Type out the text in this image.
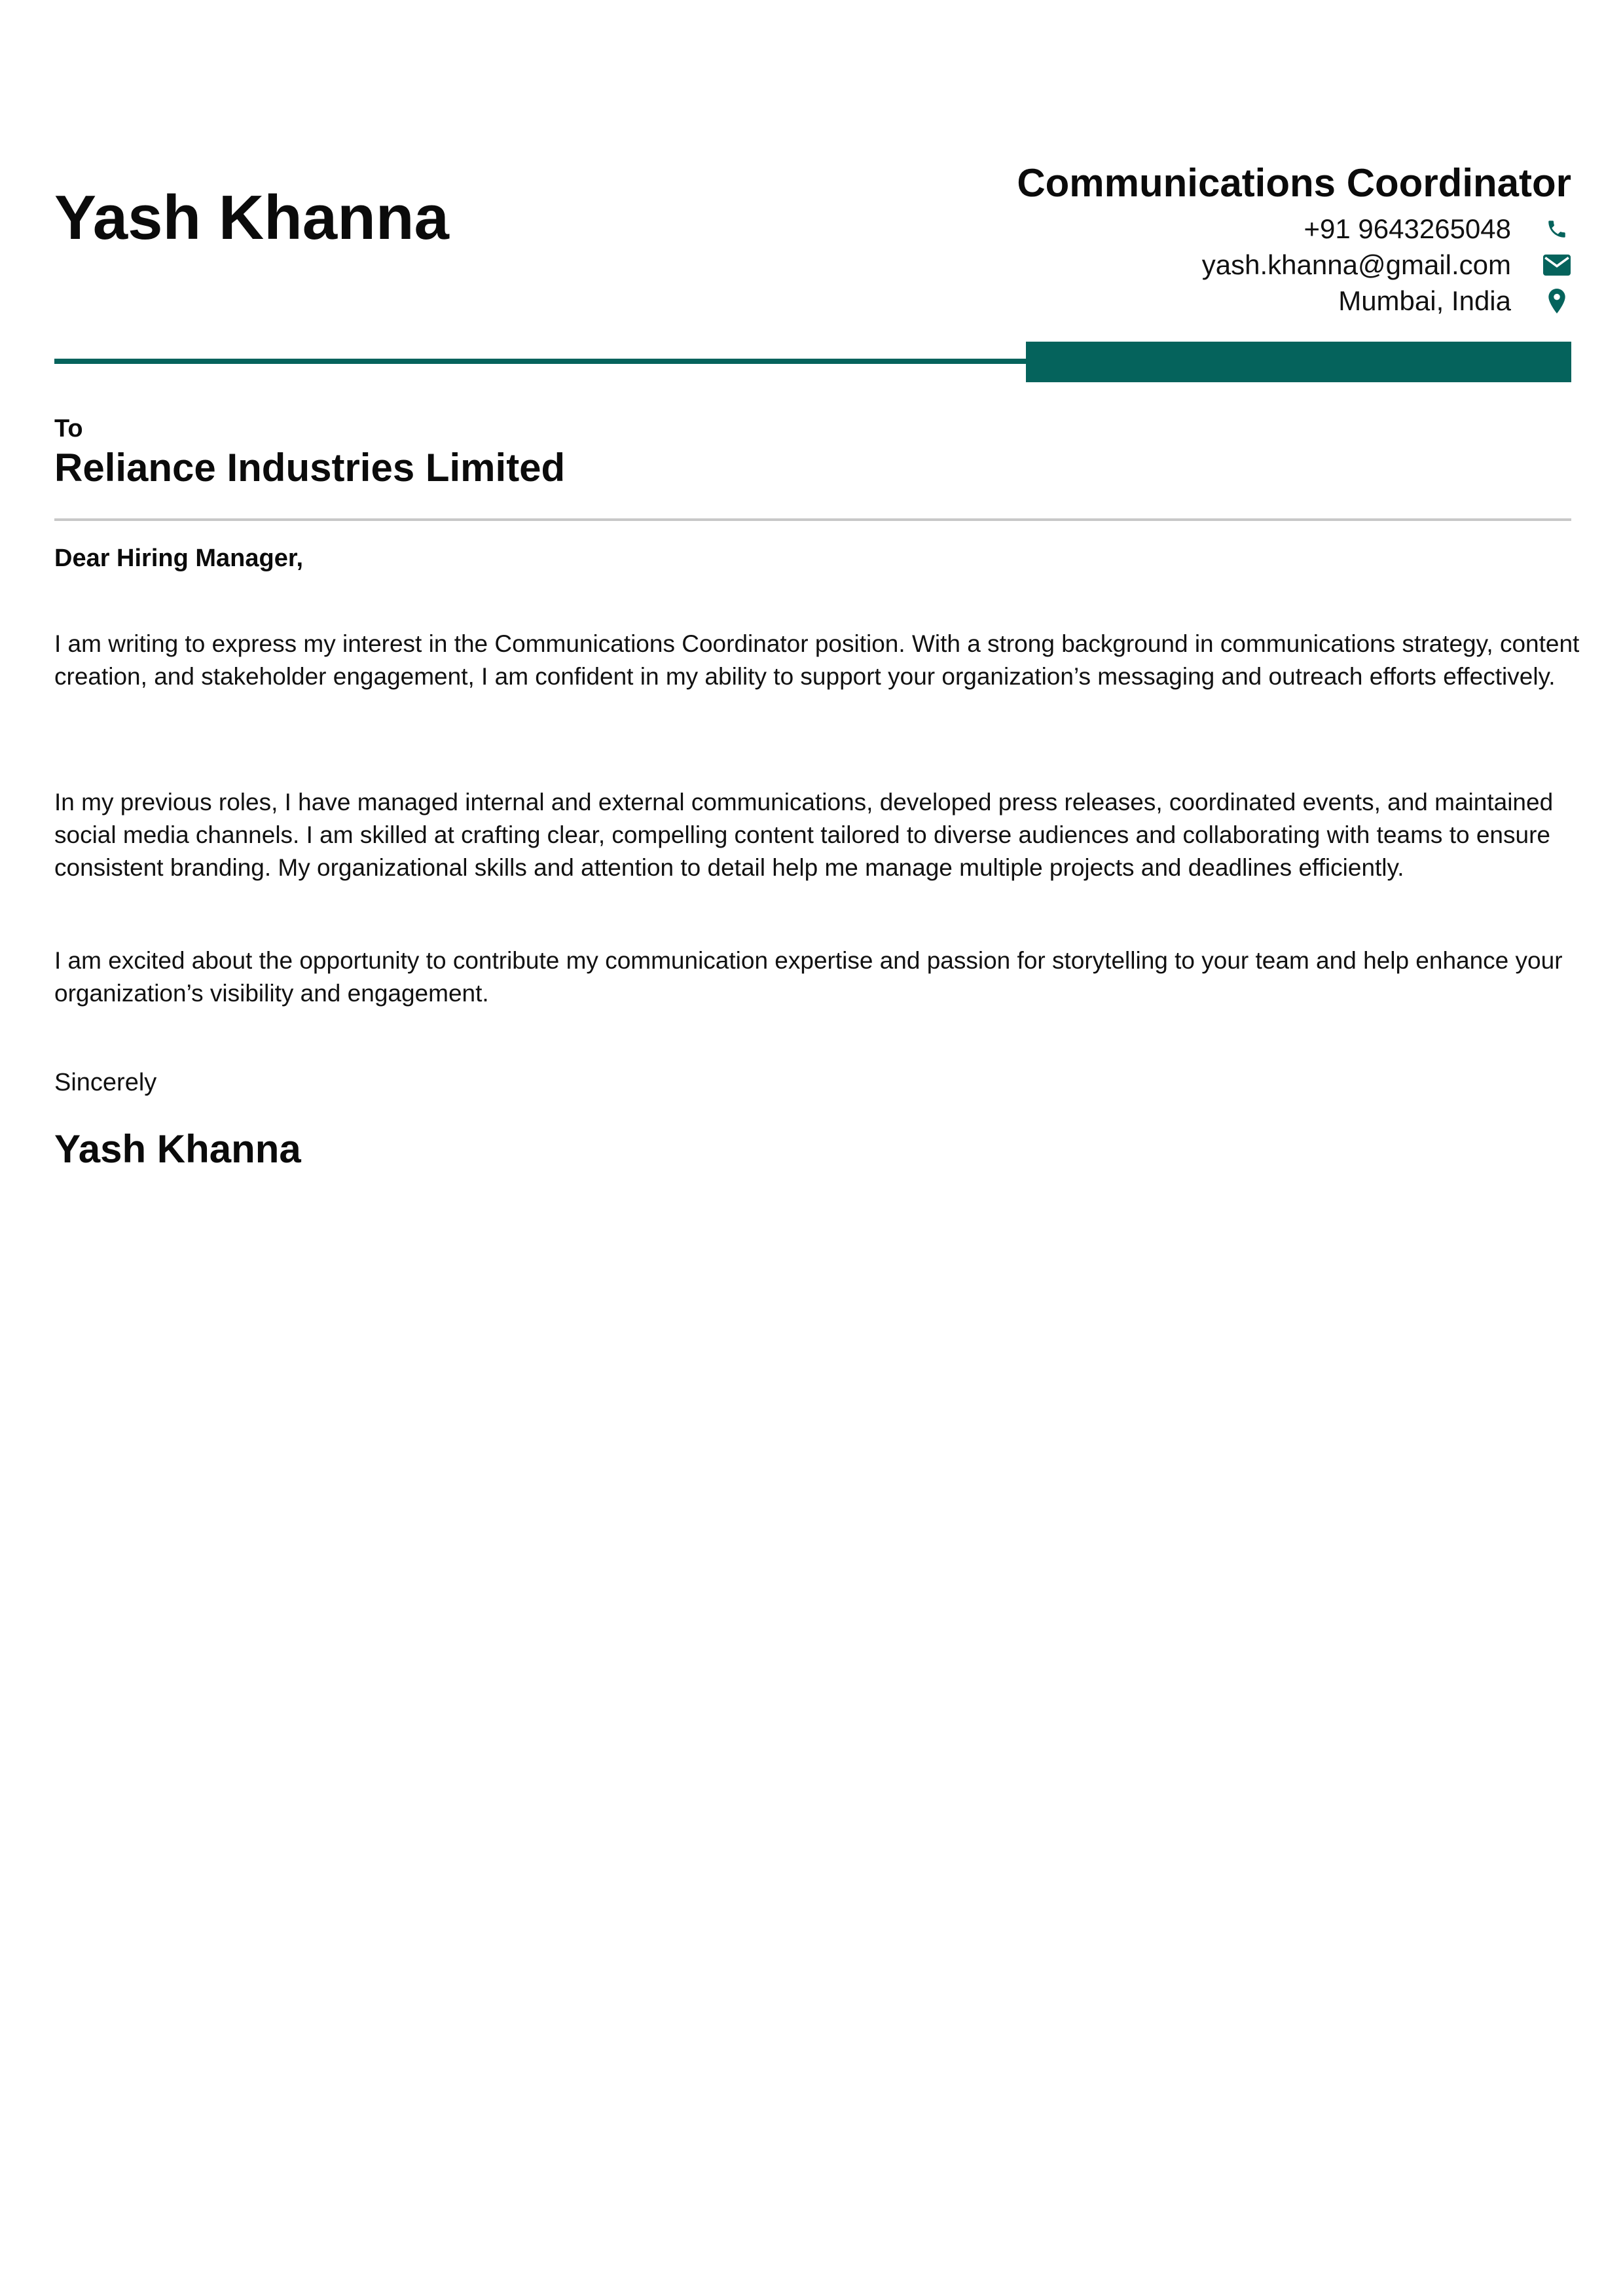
Yash Khanna	Communications Coordinator
+91 9643265048
yash.khanna@gmail.com
Mumbai, India
To
Reliance Industries Limited
Dear Hiring Manager,

I am writing to express my interest in the Communications Coordinator position. With a strong background in communications strategy, content creation, and stakeholder engagement, I am confident in my ability to support your organization’s messaging and outreach efforts effectively.

In my previous roles, I have managed internal and external communications, developed press releases, coordinated events, and maintained social media channels. I am skilled at crafting clear, compelling content tailored to diverse audiences and collaborating with teams to ensure consistent branding. My organizational skills and attention to detail help me manage multiple projects and deadlines efficiently.

I am excited about the opportunity to contribute my communication expertise and passion for storytelling to your team and help enhance your organization’s visibility and engagement.

Sincerely
Yash Khanna
